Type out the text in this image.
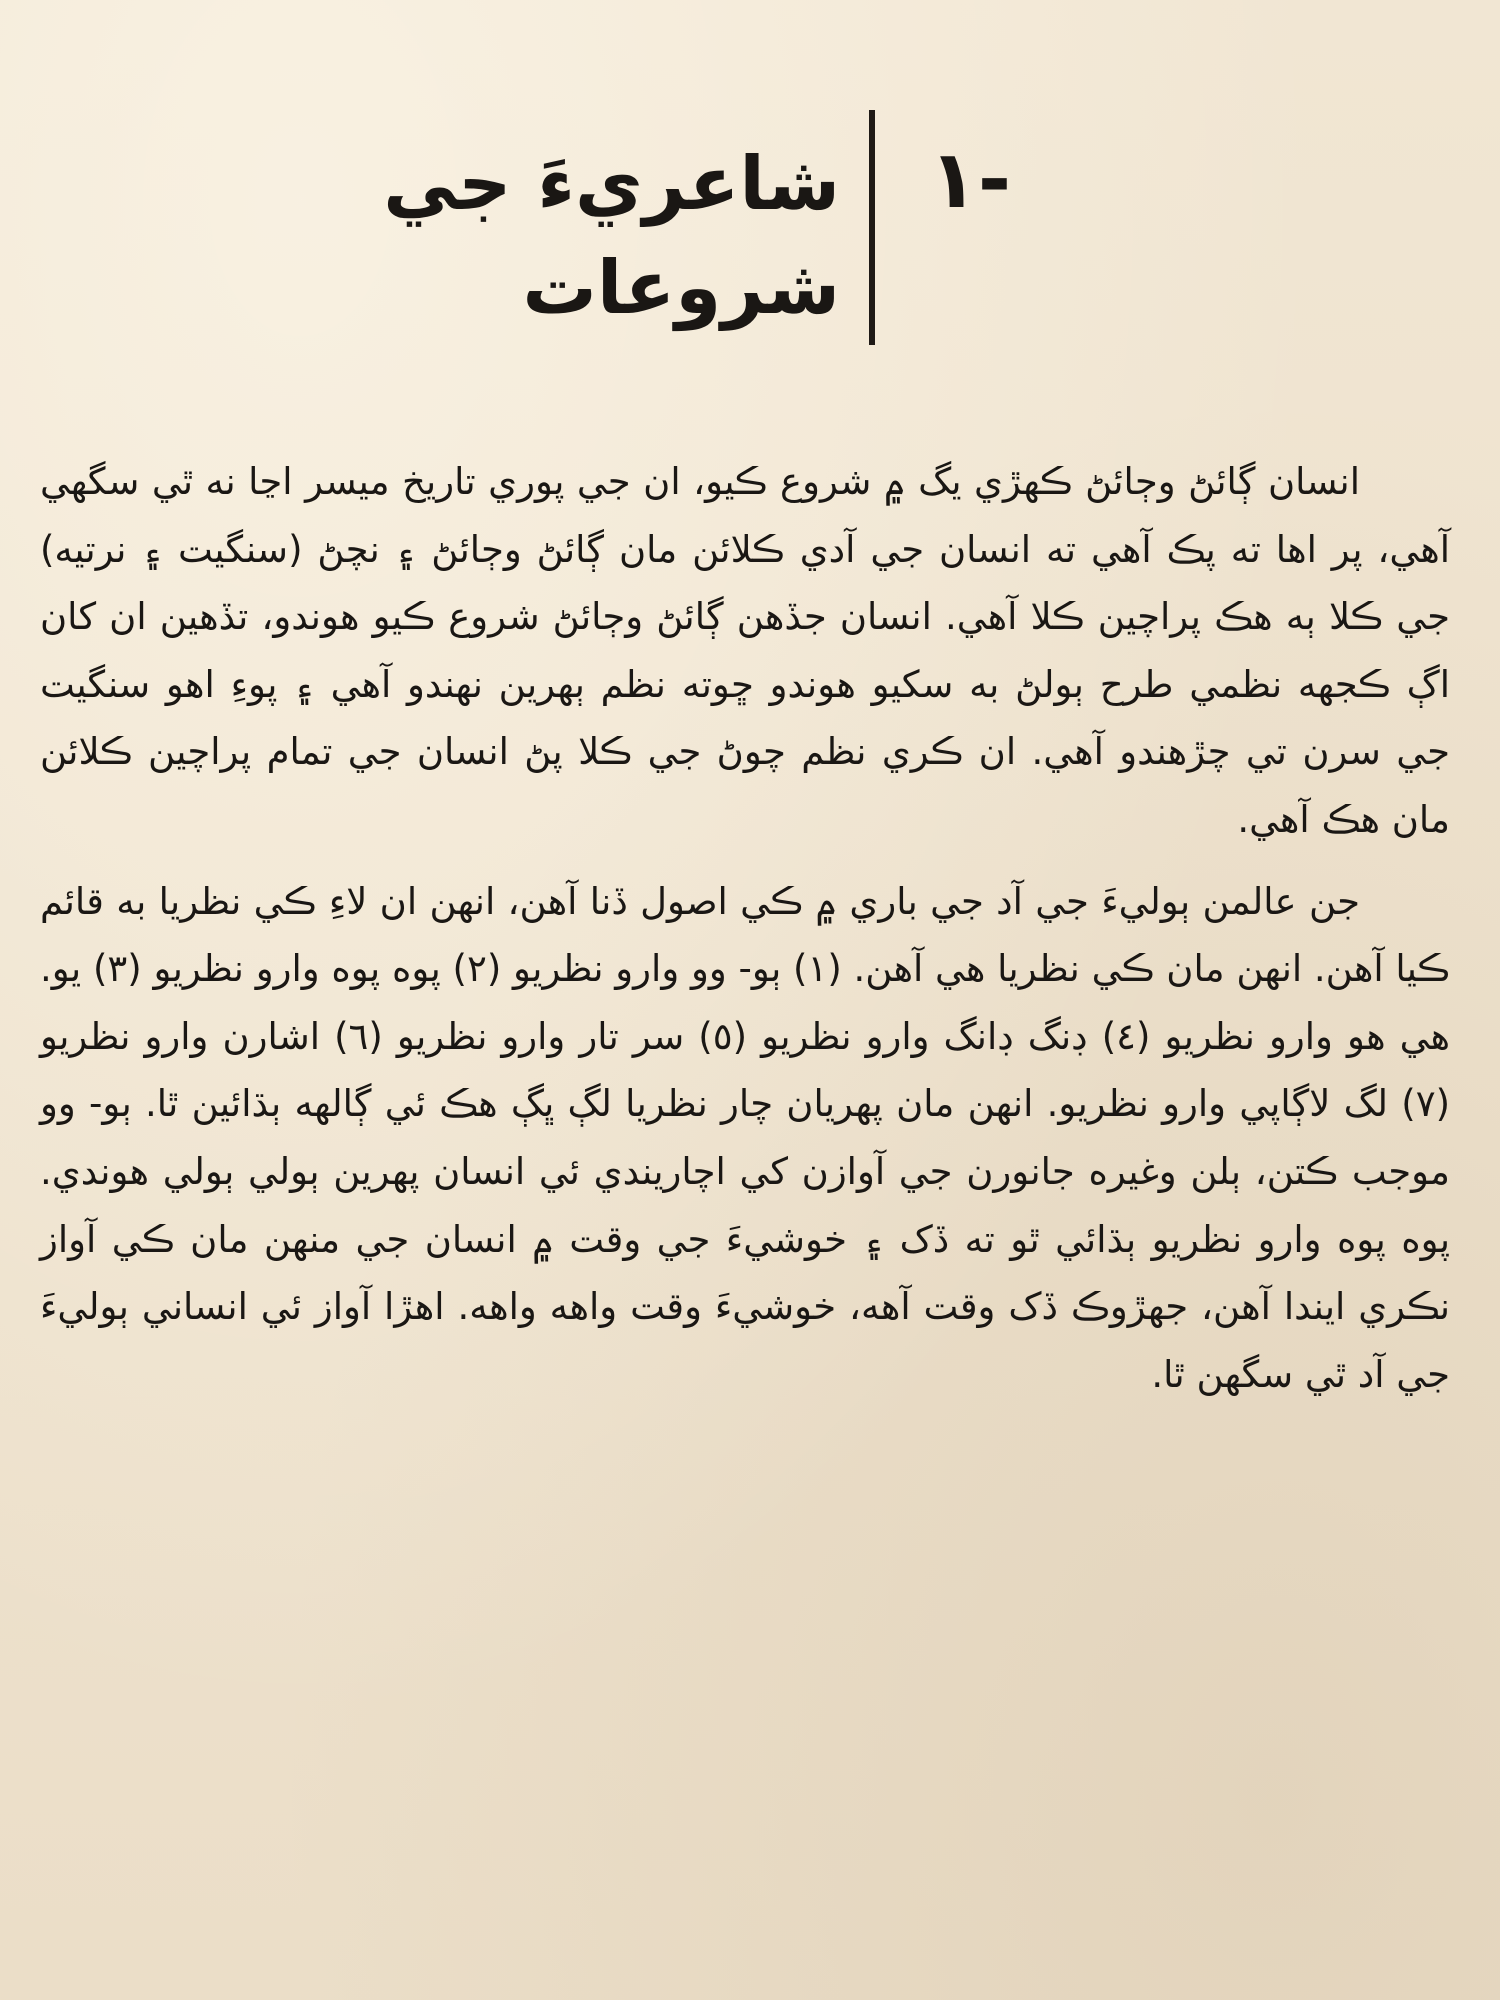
١-
شاعريءَ جي
شروعات

انسان ڳائڻ وڄائڻ ڪهڙي يگ ۾ شروع ڪيو، ان جي پوري تاريخ ميسر اڃا نه ٿي سگهي آهي، پر اها ته پڪ آهي ته انسان جي آدي ڪلائن مان ڳائڻ وڄائڻ ۽ نچڻ (سنگيت ۽ نرتيه) جي ڪلا ٻه هڪ پراچين ڪلا آهي. انسان جڏهن ڳائڻ وڄائڻ شروع ڪيو هوندو، تڏهين ان کان اڳ ڪجهه نظمي طرح ٻولڻ به سکيو هوندو ڇوته نظم ٻهرين نهندو آهي ۽ پوءِ اهو سنگيت جي سرن تي چڙهندو آهي. ان ڪري نظم چوڻ جي ڪلا پڻ انسان جي تمام پراچين ڪلائن مان هڪ آهي.

جن عالمن ٻوليءَ جي آد جي باري ۾ ڪي اصول ڏنا آهن، انهن ان لاءِ ڪي نظريا به قائم ڪيا آهن. انهن مان ڪي نظريا هي آهن. (١) ٻو- وو وارو نظريو (٢) پوه پوه وارو نظريو (٣) يو. هي هو وارو نظريو (٤) ڊنگ ڊانگ وارو نظريو (٥) سر تار وارو نظريو (٦) اشارن وارو نظريو (٧) لگ لاڳاپي وارو نظريو. انهن مان پهريان چار نظريا لڳ ڀڳ هڪ ئي ڳالهه ٻڌائين ٿا. ٻو- وو موجب ڪتن، ٻلن وغيره جانورن جي آوازن کي اچاريندي ئي انسان پهرين ٻولي ٻولي هوندي. پوه پوه وارو نظريو ٻڌائي ٿو ته ڏک ۽ خوشيءَ جي وقت ۾ انسان جي منهن مان ڪي آواز نڪري ايندا آهن، جهڙوڪ ڏک وقت آهه، خوشيءَ وقت واهه واهه. اهڙا آواز ئي انساني ٻوليءَ جي آد ٿي سگهن ٿا.
